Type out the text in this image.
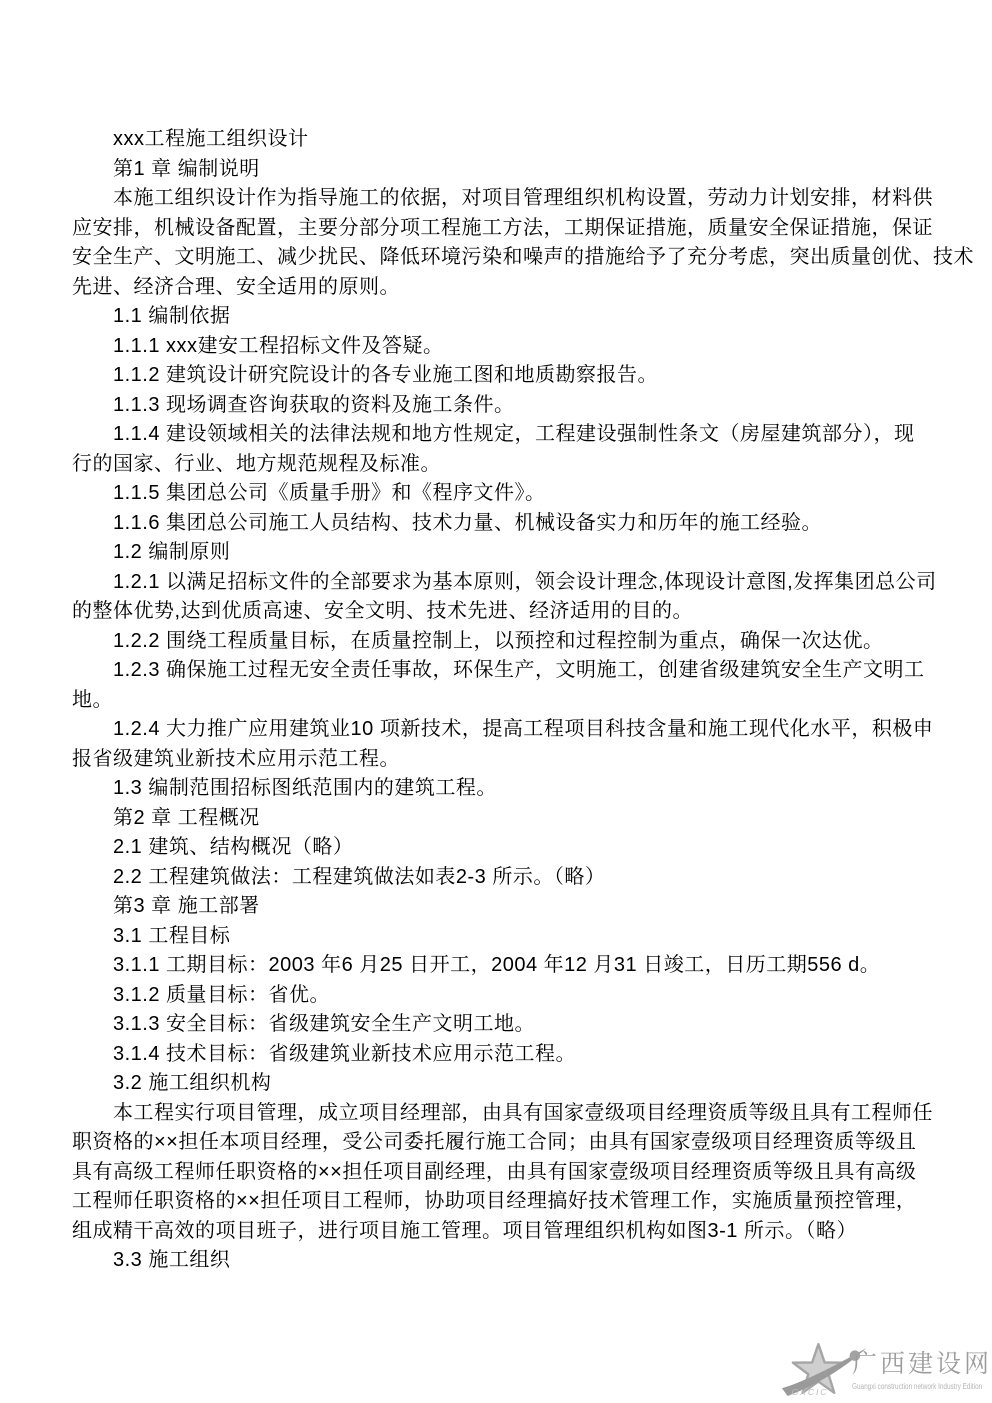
xxx工程施工组织设计
第1 章 编制说明
本施工组织设计作为指导施工的依据，对项目管理组织机构设置，劳动力计划安排，材料供
应安排，机械设备配置，主要分部分项工程施工方法，工期保证措施，质量安全保证措施，保证
安全生产、文明施工、减少扰民、降低环境污染和噪声的措施给予了充分考虑，突出质量创优、技术
先进、经济合理、安全适用的原则。
1.1 编制依据
1.1.1 xxx建安工程招标文件及答疑。
1.1.2 建筑设计研究院设计的各专业施工图和地质勘察报告。
1.1.3 现场调查咨询获取的资料及施工条件。
1.1.4 建设领域相关的法律法规和地方性规定，工程建设强制性条文（房屋建筑部分），现
行的国家、行业、地方规范规程及标准。
1.1.5 集团总公司《质量手册》和《程序文件》。
1.1.6 集团总公司施工人员结构、技术力量、机械设备实力和历年的施工经验。
1.2 编制原则
1.2.1 以满足招标文件的全部要求为基本原则，领会设计理念,体现设计意图,发挥集团总公司
的整体优势,达到优质高速、安全文明、技术先进、经济适用的目的。
1.2.2 围绕工程质量目标，在质量控制上，以预控和过程控制为重点，确保一次达优。
1.2.3 确保施工过程无安全责任事故，环保生产，文明施工，创建省级建筑安全生产文明工
地。
1.2.4 大力推广应用建筑业10 项新技术，提高工程项目科技含量和施工现代化水平，积极申
报省级建筑业新技术应用示范工程。
1.3 编制范围招标图纸范围内的建筑工程。
第2 章 工程概况
2.1 建筑、结构概况（略）
2.2 工程建筑做法：工程建筑做法如表2-3 所示。（略）
第3 章 施工部署
3.1 工程目标
3.1.1 工期目标：2003 年6 月25 日开工，2004 年12 月31 日竣工，日历工期556 d。
3.1.2 质量目标：省优。
3.1.3 安全目标：省级建筑安全生产文明工地。
3.1.4 技术目标：省级建筑业新技术应用示范工程。
3.2 施工组织机构
本工程实行项目管理，成立项目经理部，由具有国家壹级项目经理资质等级且具有工程师任
职资格的××担任本项目经理，受公司委托履行施工合同；由具有国家壹级项目经理资质等级且
具有高级工程师任职资格的××担任项目副经理，由具有国家壹级项目经理资质等级且具有高级
工程师任职资格的××担任项目工程师，协助项目经理搞好技术管理工作，实施质量预控管理，
组成精干高效的项目班子，进行项目施工管理。项目管理组织机构如图3-1 所示。（略）
3.3 施工组织
GXCIC
广西建设网
Guangxi construction network Industry Edition
